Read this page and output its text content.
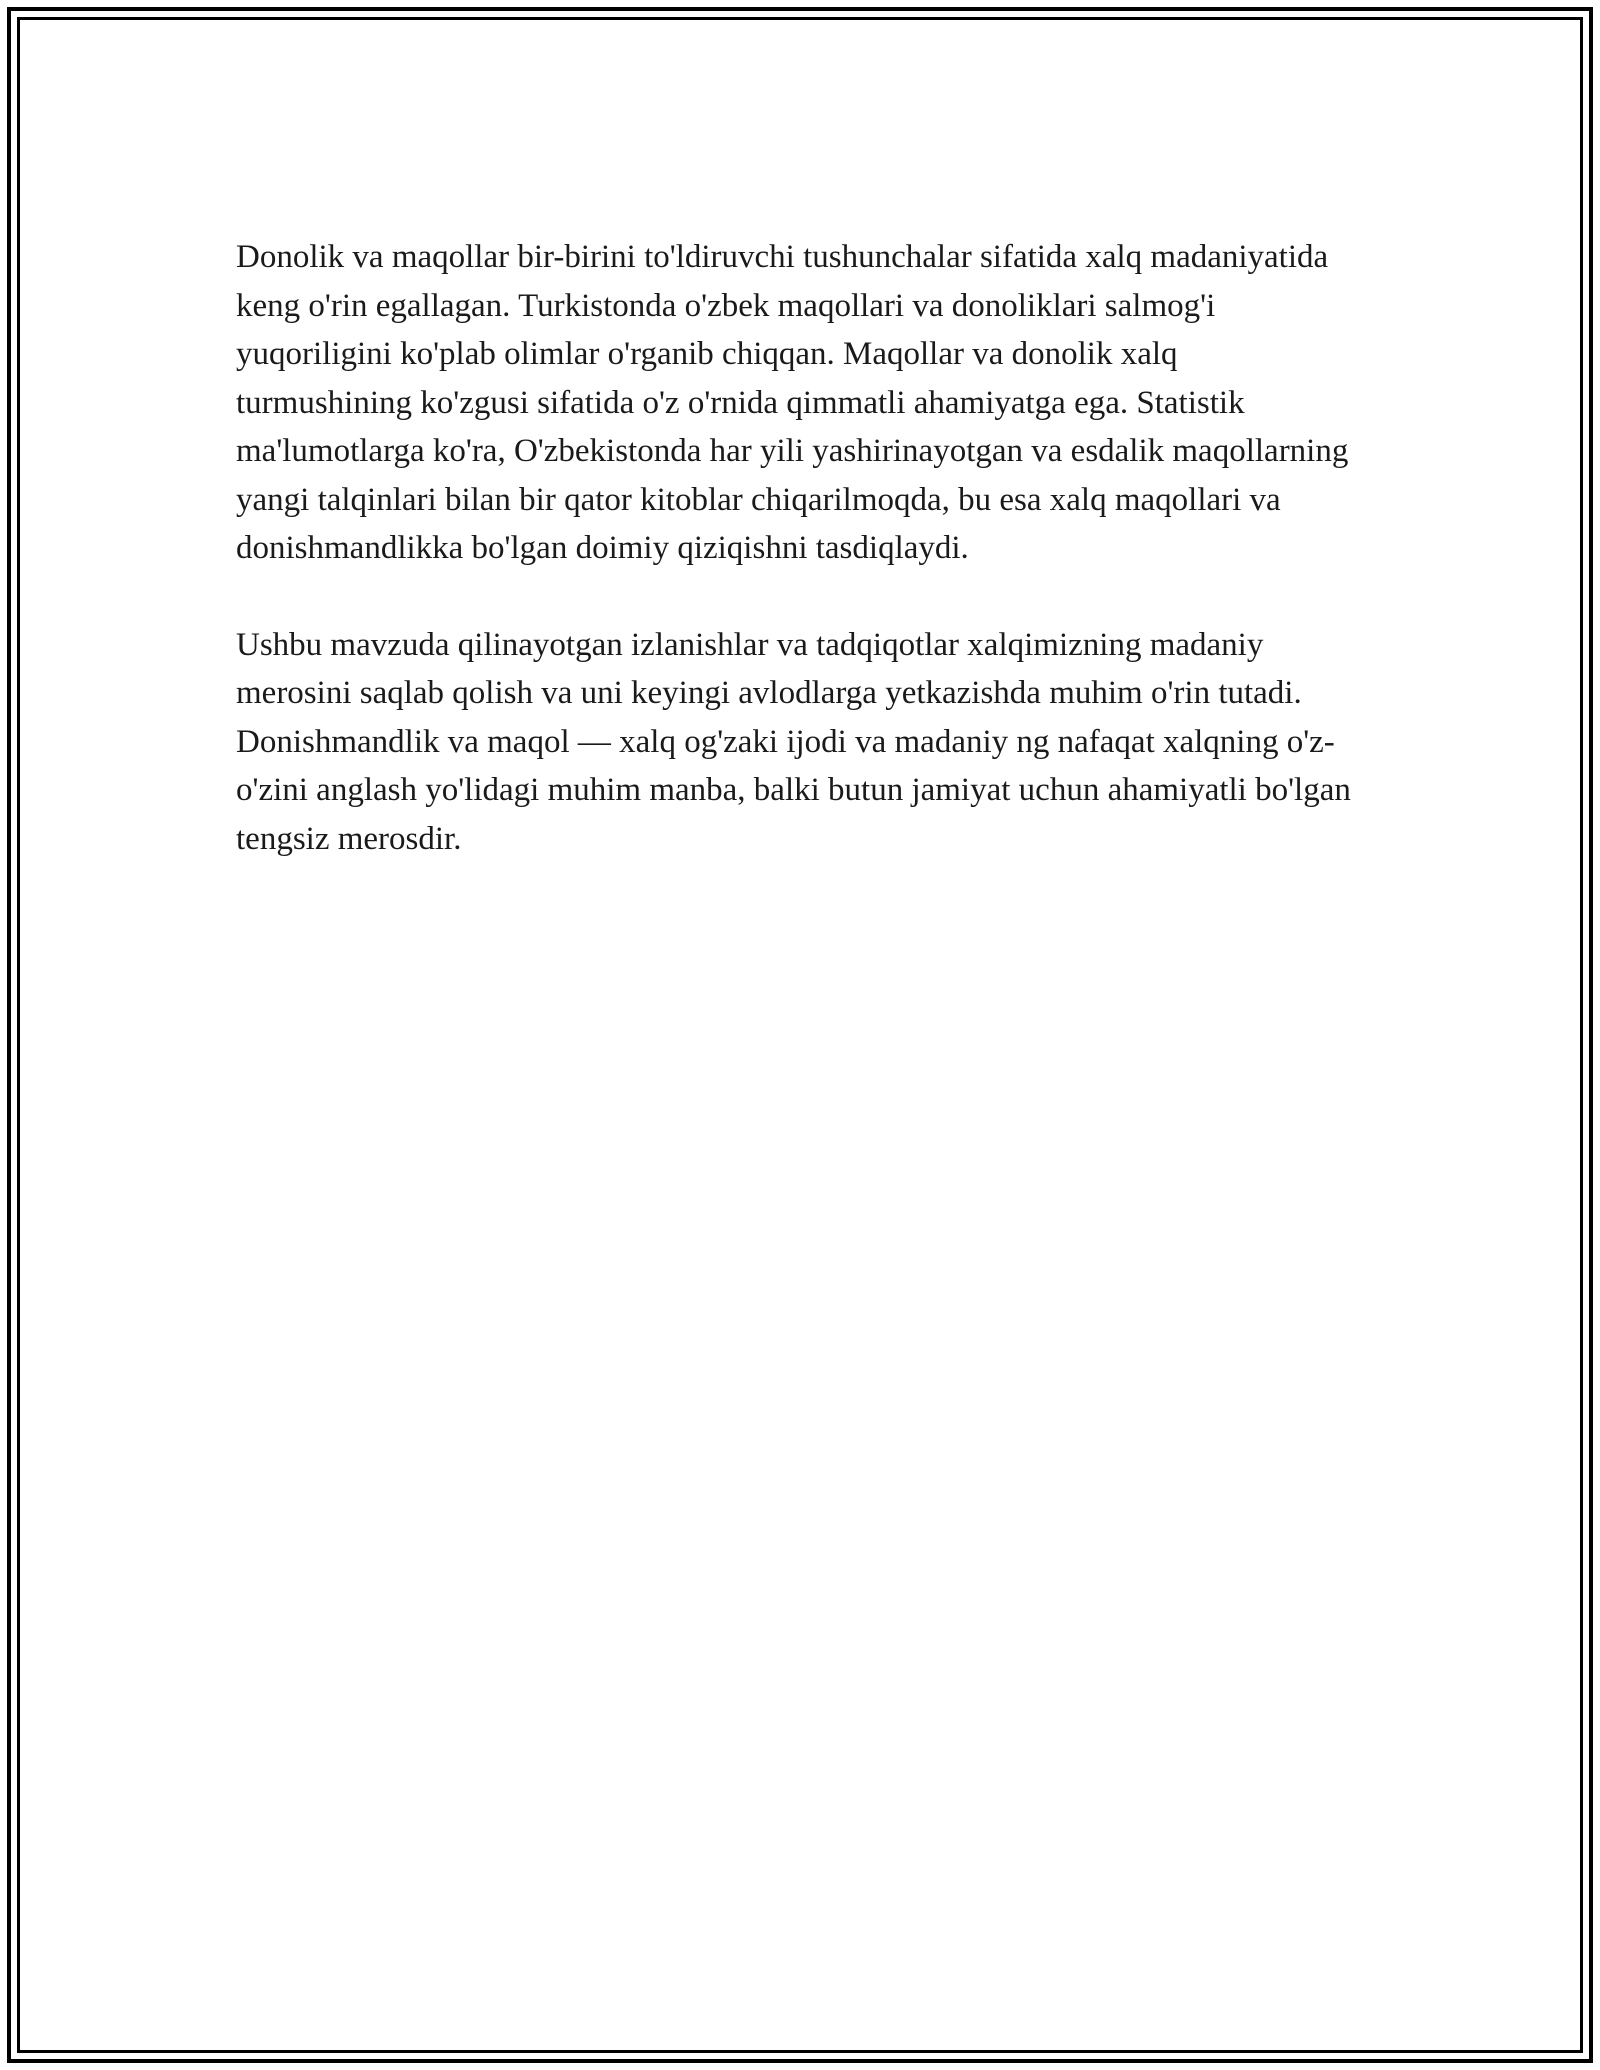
Donolik va maqollar bir-birini to'ldiruvchi tushunchalar sifatida xalq madaniyatida keng o'rin egallagan. Turkistonda o'zbek maqollari va donoliklari salmog'i yuqoriligini ko'plab olimlar o'rganib chiqqan. Maqollar va donolik xalq turmushining ko'zgusi sifatida o'z o'rnida qimmatli ahamiyatga ega. Statistik ma'lumotlarga ko'ra, O'zbekistonda har yili yashirinayotgan va esdalik maqollarning yangi talqinlari bilan bir qator kitoblar chiqarilmoqda, bu esa xalq maqollari va donishmandlikka bo'lgan doimiy qiziqishni tasdiqlaydi.

Ushbu mavzuda qilinayotgan izlanishlar va tadqiqotlar xalqimizning madaniy merosini saqlab qolish va uni keyingi avlodlarga yetkazishda muhim o'rin tutadi. Donishmandlik va maqol — xalq og'zaki ijodi va madaniy ng nafaqat xalqning o'z-o'zini anglash yo'lidagi muhim manba, balki butun jamiyat uchun ahamiyatli bo'lgan tengsiz merosdir.
